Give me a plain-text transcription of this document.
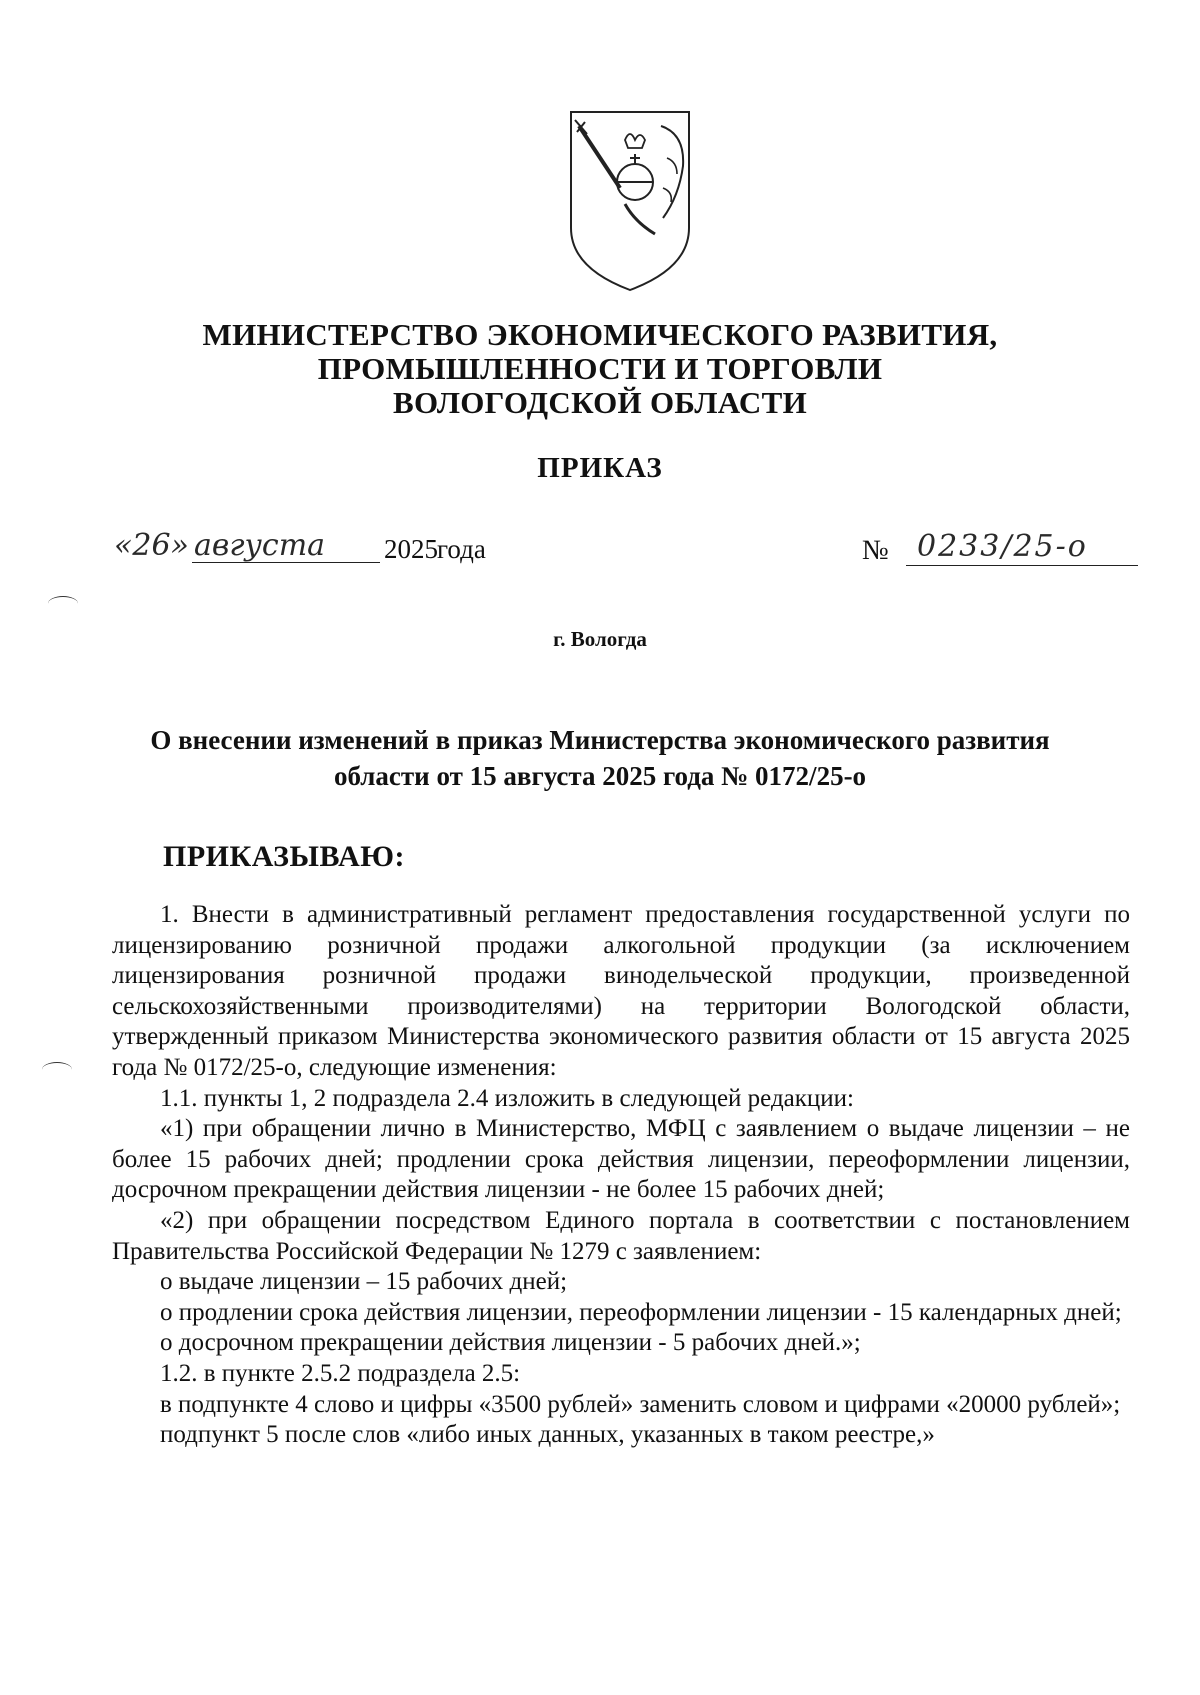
МИНИСТЕРСТВО ЭКОНОМИЧЕСКОГО РАЗВИТИЯ,
ПРОМЫШЛЕННОСТИ И ТОРГОВЛИ
ВОЛОГОДСКОЙ ОБЛАСТИ
ПРИКАЗ
«26» августа 2025 года	№ 0233/25-о
г. Вологда
О внесении изменений в приказ Министерства экономического развития
области от 15 августа 2025 года № 0172/25-о
ПРИКАЗЫВАЮ:

1. Внести в административный регламент предоставления государственной услуги по лицензированию розничной продажи алкогольной продукции (за исключением лицензирования розничной продажи винодельческой продукции, произведенной сельскохозяйственными производителями) на территории Вологодской области, утвержденный приказом Министерства экономического развития области от 15 августа 2025 года № 0172/25-о, следующие изменения:

1.1. пункты 1, 2 подраздела 2.4 изложить в следующей редакции:

«1) при обращении лично в Министерство, МФЦ с заявлением о выдаче лицензии – не более 15 рабочих дней; продлении срока действия лицензии, переоформлении лицензии, досрочном прекращении действия лицензии - не более 15 рабочих дней;

«2) при обращении посредством Единого портала в соответствии с постановлением Правительства Российской Федерации № 1279 с заявлением:

о выдаче лицензии – 15 рабочих дней;

о продлении срока действия лицензии, переоформлении лицензии - 15 календарных дней;

о досрочном прекращении действия лицензии - 5 рабочих дней.»;

1.2. в пункте 2.5.2 подраздела 2.5:

в подпункте 4 слово и цифры «3500 рублей» заменить словом и цифрами «20000 рублей»;

подпункт 5 после слов «либо иных данных, указанных в таком реестре,»
